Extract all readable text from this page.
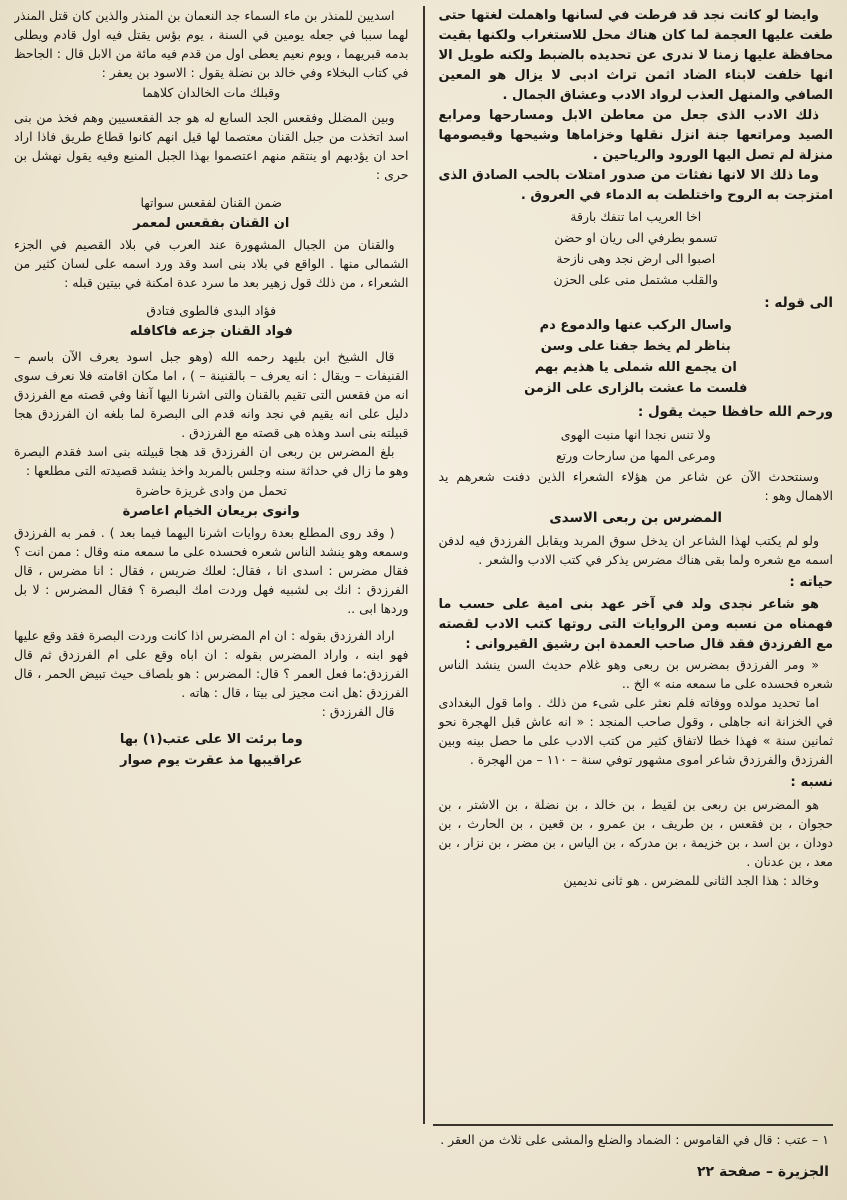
وايضا لو كانت نجد قد فرطت في لسانها واهملت لغتها حتى طغت عليها العجمة لما كان هناك محل للاستغراب ولكنها بقيت محافظة عليها زمنا لا ندرى عن تحديده بالضبط ولكنه طويل الا انها خلفت لابناء الضاد اثمن تراث ادبى لا يزال هو المعين الصافي والمنهل العذب لرواد الادب وعشاق الجمال .

ذلك الادب الذى جعل من معاطن الابل ومسارحها ومرابع الصيد ومراتعها جنة انزل نقلها وخزاماها وشيحها وقيصومها منزلة لم تصل اليها الورود والرياحين .

وما ذلك الا لانها نفثات من صدور امتلات بالحب الصادق الذى امتزجت به الروح واختلطت به الدماء في العروق .

اخا العريب اما تنفك بارقة
تسمو بطرفي الى ريان او حضن
اصبوا الى ارض نجد وهى نازحة
والقلب مشتمل منى على الحزن
الى قوله :
واسال الركب عنها والدموع دم
بناظر لم يخط جفنا على وسن
ان يجمع الله شملى يا هذيم بهم
فلست ما عشت بالزارى على الزمن
ورحم الله حافظا حيث يقول :
ولا تنس نجدا انها منبت الهوى
ومرعى المها من سارحات ورتع

وسنتحدث الآن عن شاعر من هؤلاء الشعراء الذين دفنت شعرهم يد الاهمال وهو :

المضرس بن ربعى الاسدى

ولو لم يكتب لهذا الشاعر ان يدخل سوق المربد ويقابل الفرزدق فيه لدفن اسمه مع شعره ولما بقى هناك مضرس يذكر في كتب الادب والشعر .

حياته :

هو شاعر نجدى ولد في آخر عهد بنى امية على حسب ما فهمناه من نسبه ومن الروايات التى روتها كتب الادب لقصته مع الفرزدق فقد قال صاحب العمدة ابن رشيق القيروانى :

« ومر الفرزدق بمضرس بن ربعى وهو غلام حديث السن ينشد الناس شعره فحسده على ما سمعه منه » الخ ..

اما تحديد مولده ووفاته فلم نعثر على شىء من ذلك . واما قول البغدادى في الخزانة انه جاهلى ، وقول صاحب المنجد : « انه عاش قبل الهجرة نحو ثمانين سنة » فهذا خطا لاتفاق كثير من كتب الادب على ما حصل بينه وبين الفرزدق والفرزدق شاعر اموى مشهور توفي سنة – ١١٠ – من الهجرة .

نسبه :

هو المضرس بن ربعى بن لقيط ، بن خالد ، بن نضلة ، بن الاشتر ، بن حجوان ، بن فقعس ، بن طريف ، بن عمرو ، بن قعين ، بن الحارث ، بن دودان ، بن اسد ، بن خزيمة ، بن مدركه ، بن الياس ، بن مضر ، بن نزار ، بن معد ، بن عدنان .

وخالد : هذا الجد الثانى للمضرس . هو ثانى نديمين

اسديين للمنذر بن ماء السماء جد النعمان بن المنذر والذين كان قتل المنذر لهما سببا في جعله يومين في السنة ، يوم بؤس يقتل فيه اول قادم ويطلى بدمه قبريهما ، ويوم نعيم يعطى اول من قدم فيه مائة من الابل قال : الجاحظ في كتاب البخلاء وفي خالد بن نضلة يقول : الاسود بن يعفر :

وقبلك مات الخالدان كلاهما

وبين المضلل وفقعس الجد السابع له هو جد الفقعسيين وهم فخذ من بنى اسد اتخذت من جبل القنان معتصما لها قيل انهم كانوا قطاع طريق فاذا اراد احد ان يؤدبهم او ينتقم منهم اعتصموا بهذا الجبل المنيع وفيه يقول نهشل بن حرى :

ضمن القنان لفقعس سواتها
ان القنان بفقعس لمعمر

والقنان من الجبال المشهورة عند العرب في بلاد القصيم في الجزء الشمالى منها . الواقع في بلاد بنى اسد وقد ورد اسمه على لسان كثير من الشعراء ، من ذلك قول زهير بعد ما سرد عدة امكنة في بيتين قبله :

فؤاد البدى فالطوى فتادق
فواد القنان جزعه فاكافله

قال الشيخ ابن بليهد رحمه الله (وهو جبل اسود يعرف الآن باسم – القنيفات – ويقال : انه يعرف – بالقنينة – ) ، اما مكان اقامته فلا نعرف سوى انه من فقعس التى تقيم بالقنان والتى اشرنا اليها آنفا وفي قصته مع الفرزدق دليل على انه يقيم في نجد وانه قدم الى البصرة لما بلغه ان الفرزدق هجا قبيلته بنى اسد وهذه هى قصته مع الفرزدق .

بلغ المضرس بن ربعى ان الفرزدق قد هجا قبيلته بنى اسد فقدم البصرة وهو ما زال في حداثة سنه وجلس بالمربد واخذ ينشد قصيدته التى مطلعها :

تحمل من وادى غريزة حاضرة
وانوى بريعان الخيام اعاصرة

( وقد روى المطلع بعدة روايات اشرنا اليهما فيما بعد ) . فمر به الفرزدق وسمعه وهو ينشد الناس شعره فحسده على ما سمعه منه وقال : ممن انت ؟ فقال مضرس : اسدى انا ، فقال: لعلك ضريس ، فقال : انا مضرس ، قال الفرزدق : انك بى لشبيه فهل وردت امك البصرة ؟ فقال المضرس : لا بل وردها ابى ..

اراد الفرزدق بقوله : ان ام المضرس اذا كانت وردت البصرة فقد وقع عليها فهو ابنه ، واراد المضرس بقوله : ان اباه وقع على ام الفرزدق ثم قال الفرزدق:ما فعل العمر ؟ قال: المضرس : هو بلصاف حيث تبيض الحمر ، قال الفرزدق :هل انت مجيز لى بيتا ، قال : هاته .

قال الفرزدق :

وما برئت الا على عتب(١) بها
عراقيبها مذ عقرت يوم صوار
١ – عتب : قال في القاموس : الضماد والضلع والمشى على ثلاث من العقر .
الجزيرة – صفحة ٢٢
